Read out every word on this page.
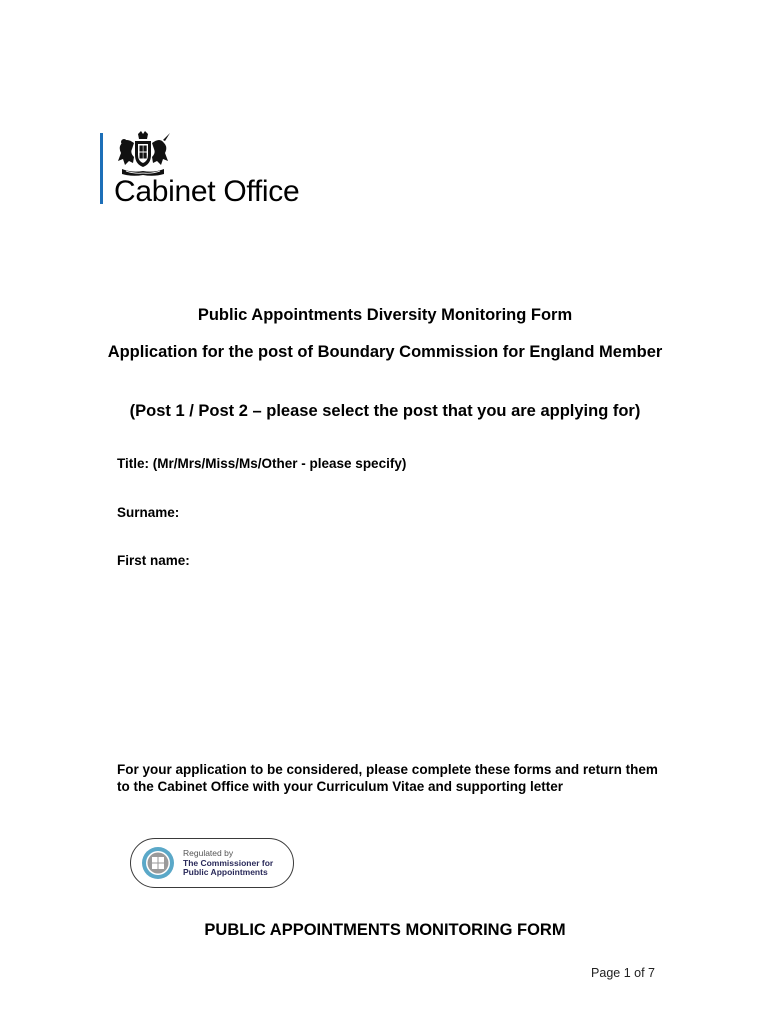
Cabinet Office
Public Appointments Diversity Monitoring Form
Application for the post of Boundary Commission for England Member
(Post 1 / Post 2 – please select the post that you are applying for)
Title: (Mr/Mrs/Miss/Ms/Other - please specify)
Surname:
First name:
For your application to be considered, please complete these forms and return them to the Cabinet Office with your Curriculum Vitae and supporting letter
Regulated by
The Commissioner for
Public Appointments
PUBLIC APPOINTMENTS MONITORING FORM
Page 1 of 7
